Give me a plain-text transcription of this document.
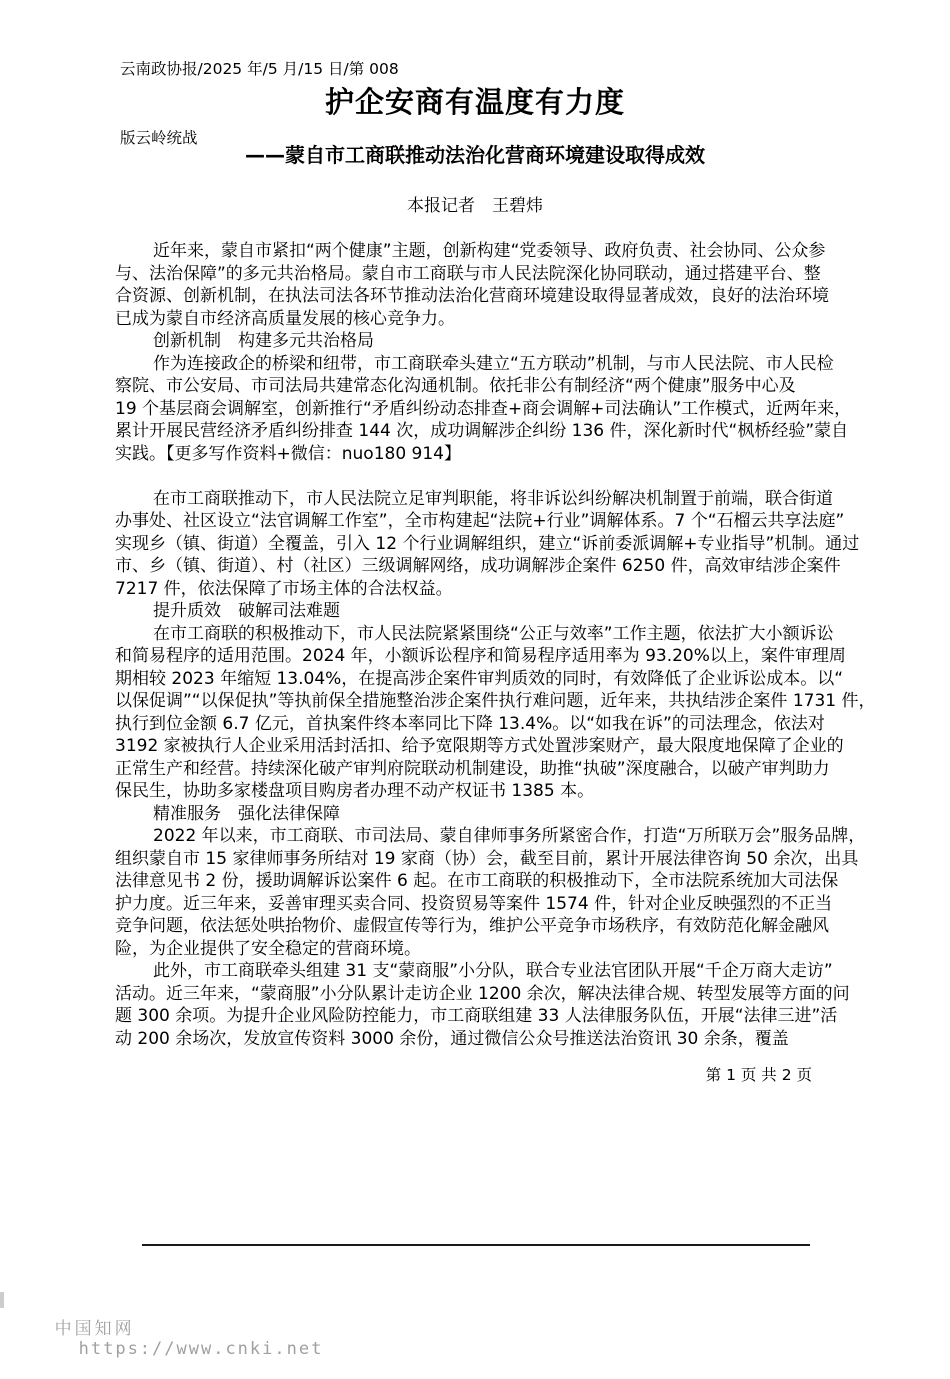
云南政协报/2025 年/5 月/15 日/第 008

版云岭统战

护企安商有温度有力度
——蒙自市工商联推动法治化营商环境建设取得成效
本报记者　王碧炜
近年来，蒙自市紧扣“两个健康”主题，创新构建“党委领导、政府负责、社会协同、公众参
与、法治保障”的多元共治格局。蒙自市工商联与市人民法院深化协同联动，通过搭建平台、整
合资源、创新机制，在执法司法各环节推动法治化营商环境建设取得显著成效，良好的法治环境
已成为蒙自市经济高质量发展的核心竞争力。
创新机制　构建多元共治格局
作为连接政企的桥梁和纽带，市工商联牵头建立“五方联动”机制，与市人民法院、市人民检
察院、市公安局、市司法局共建常态化沟通机制。依托非公有制经济“两个健康”服务中心及
19 个基层商会调解室，创新推行“矛盾纠纷动态排查+商会调解+司法确认”工作模式，近两年来，
累计开展民营经济矛盾纠纷排查 144 次，成功调解涉企纠纷 136 件，深化新时代“枫桥经验”蒙自
实践。【更多写作资料+微信：nuo180 914】
在市工商联推动下，市人民法院立足审判职能，将非诉讼纠纷解决机制置于前端，联合街道
办事处、社区设立“法官调解工作室”，全市构建起“法院+行业”调解体系。7 个“石榴云共享法庭”
实现乡（镇、街道）全覆盖，引入 12 个行业调解组织，建立“诉前委派调解+专业指导”机制。通过
市、乡（镇、街道）、村（社区）三级调解网络，成功调解涉企案件 6250 件，高效审结涉企案件
7217 件，依法保障了市场主体的合法权益。
提升质效　破解司法难题
在市工商联的积极推动下，市人民法院紧紧围绕“公正与效率”工作主题，依法扩大小额诉讼
和简易程序的适用范围。2024 年，小额诉讼程序和简易程序适用率为 93.20%以上，案件审理周
期相较 2023 年缩短 13.04%，在提高涉企案件审判质效的同时，有效降低了企业诉讼成本。以“
以保促调”“以保促执”等执前保全措施整治涉企案件执行难问题，近年来，共执结涉企案件 1731 件，
执行到位金额 6.7 亿元，首执案件终本率同比下降 13.4%。以“如我在诉”的司法理念，依法对
3192 家被执行人企业采用活封活扣、给予宽限期等方式处置涉案财产，最大限度地保障了企业的
正常生产和经营。持续深化破产审判府院联动机制建设，助推“执破”深度融合，以破产审判助力
保民生，协助多家楼盘项目购房者办理不动产权证书 1385 本。
精准服务　强化法律保障
2022 年以来，市工商联、市司法局、蒙自律师事务所紧密合作，打造“万所联万会”服务品牌，
组织蒙自市 15 家律师事务所结对 19 家商（协）会，截至目前，累计开展法律咨询 50 余次，出具
法律意见书 2 份，援助调解诉讼案件 6 起。在市工商联的积极推动下，全市法院系统加大司法保
护力度。近三年来，妥善审理买卖合同、投资贸易等案件 1574 件，针对企业反映强烈的不正当
竞争问题，依法惩处哄抬物价、虚假宣传等行为，维护公平竞争市场秩序，有效防范化解金融风
险，为企业提供了安全稳定的营商环境。
此外，市工商联牵头组建 31 支“蒙商服”小分队，联合专业法官团队开展“千企万商大走访”
活动。近三年来，“蒙商服”小分队累计走访企业 1200 余次，解决法律合规、转型发展等方面的问
题 300 余项。为提升企业风险防控能力，市工商联组建 33 人法律服务队伍，开展“法律三进”活
动 200 余场次，发放宣传资料 3000 余份，通过微信公众号推送法治资讯 30 余条，覆盖
第 1 页 共 2 页

中国知网
https://www.cnki.net
